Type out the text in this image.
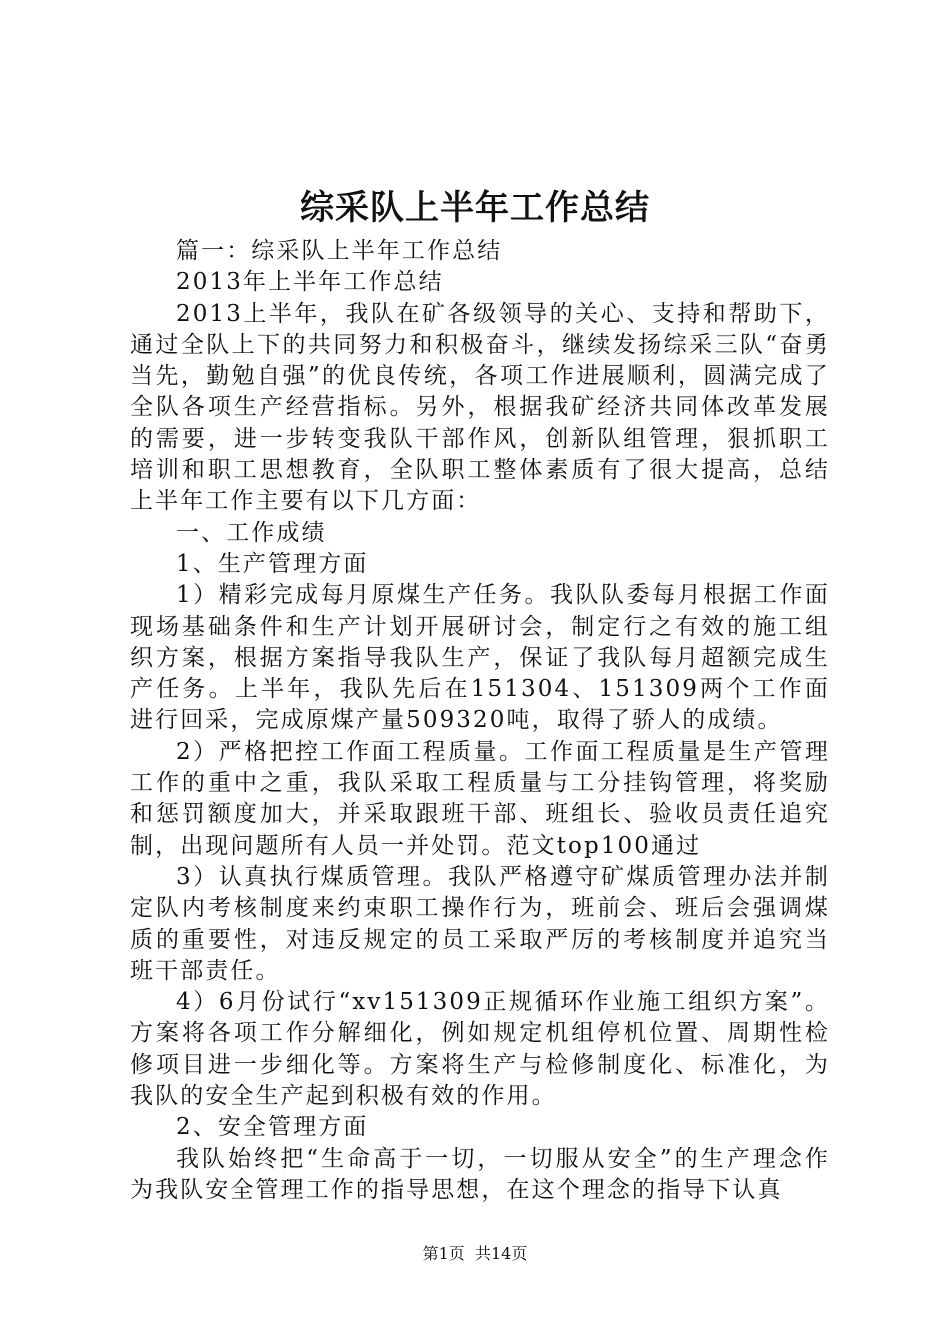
综采队上半年工作总结

篇一：综采队上半年工作总结

2013年上半年工作总结

2013上半年，我队在矿各级领导的关心、支持和帮助下，通过全队上下的共同努力和积极奋斗，继续发扬综采三队“奋勇当先，勤勉自强”的优良传统，各项工作进展顺利，圆满完成了全队各项生产经营指标。另外，根据我矿经济共同体改革发展的需要，进一步转变我队干部作风，创新队组管理，狠抓职工培训和职工思想教育，全队职工整体素质有了很大提高，总结上半年工作主要有以下几方面：

一、工作成绩

1、生产管理方面

1）精彩完成每月原煤生产任务。我队队委每月根据工作面现场基础条件和生产计划开展研讨会，制定行之有效的施工组织方案，根据方案指导我队生产，保证了我队每月超额完成生产任务。上半年，我队先后在151304、151309两个工作面进行回采，完成原煤产量509320吨，取得了骄人的成绩。

2）严格把控工作面工程质量。工作面工程质量是生产管理工作的重中之重，我队采取工程质量与工分挂钩管理，将奖励和惩罚额度加大，并采取跟班干部、班组长、验收员责任追究制，出现问题所有人员一并处罚。范文top100通过

3）认真执行煤质管理。我队严格遵守矿煤质管理办法并制定队内考核制度来约束职工操作行为，班前会、班后会强调煤质的重要性，对违反规定的员工采取严厉的考核制度并追究当班干部责任。

4）6月份试行“xv151309正规循环作业施工组织方案”。方案将各项工作分解细化，例如规定机组停机位置、周期性检修项目进一步细化等。方案将生产与检修制度化、标准化，为我队的安全生产起到积极有效的作用。

2、安全管理方面

我队始终把“生命高于一切，一切服从安全”的生产理念作为我队安全管理工作的指导思想，在这个理念的指导下认真

第1页 共14页
